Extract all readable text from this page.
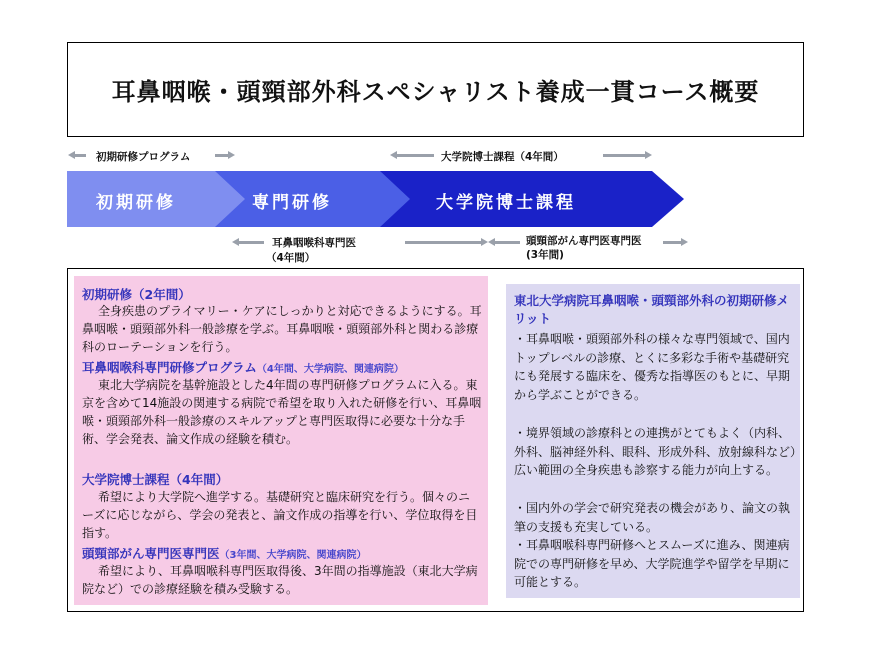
耳鼻咽喉・頭頸部外科スペシャリスト養成一貫コース概要
初期研修プログラム	大学院博士課程（4年間）
初期研修	専門研修	大学院博士課程
耳鼻咽喉科専門医
（4年間）
頭頸部がん専門医専門医
(3年間)
初期研修（2年間）
全身疾患のプライマリー・ケアにしっかりと対応できるようにする。耳鼻咽喉・頭頸部外科一般診療を学ぶ。耳鼻咽喉・頭頸部外科と関わる診療科のローテーションを行う。
耳鼻咽喉科専門研修プログラム（4年間、大学病院、関連病院）
東北大学病院を基幹施設とした4年間の専門研修プログラムに入る。東京を含めて14施設の関連する病院で希望を取り入れた研修を行い、耳鼻咽喉・頭頸部外科一般診療のスキルアップと専門医取得に必要な十分な手術、学会発表、論文作成の経験を積む。
大学院博士課程（4年間）
希望により大学院へ進学する。基礎研究と臨床研究を行う。個々のニーズに応じながら、学会の発表と、論文作成の指導を行い、学位取得を目指す。
頭頸部がん専門医専門医（3年間、大学病院、関連病院）
希望により、耳鼻咽喉科専門医取得後、3年間の指導施設（東北大学病院など）での診療経験を積み受験する。
東北大学病院耳鼻咽喉・頭頸部外科の初期研修メリット
・耳鼻咽喉・頭頸部外科の様々な専門領域で、国内トップレベルの診療、とくに多彩な手術や基礎研究にも発展する臨床を、優秀な指導医のもとに、早期から学ぶことができる。
・境界領域の診療科との連携がとてもよく（内科、外科、脳神経外科、眼科、形成外科、放射線科など）広い範囲の全身疾患も診察する能力が向上する。
・国内外の学会で研究発表の機会があり、論文の執筆の支援も充実している。
・耳鼻咽喉科専門研修へとスムーズに進み、関連病院での専門研修を早め、大学院進学や留学を早期に可能とする。
